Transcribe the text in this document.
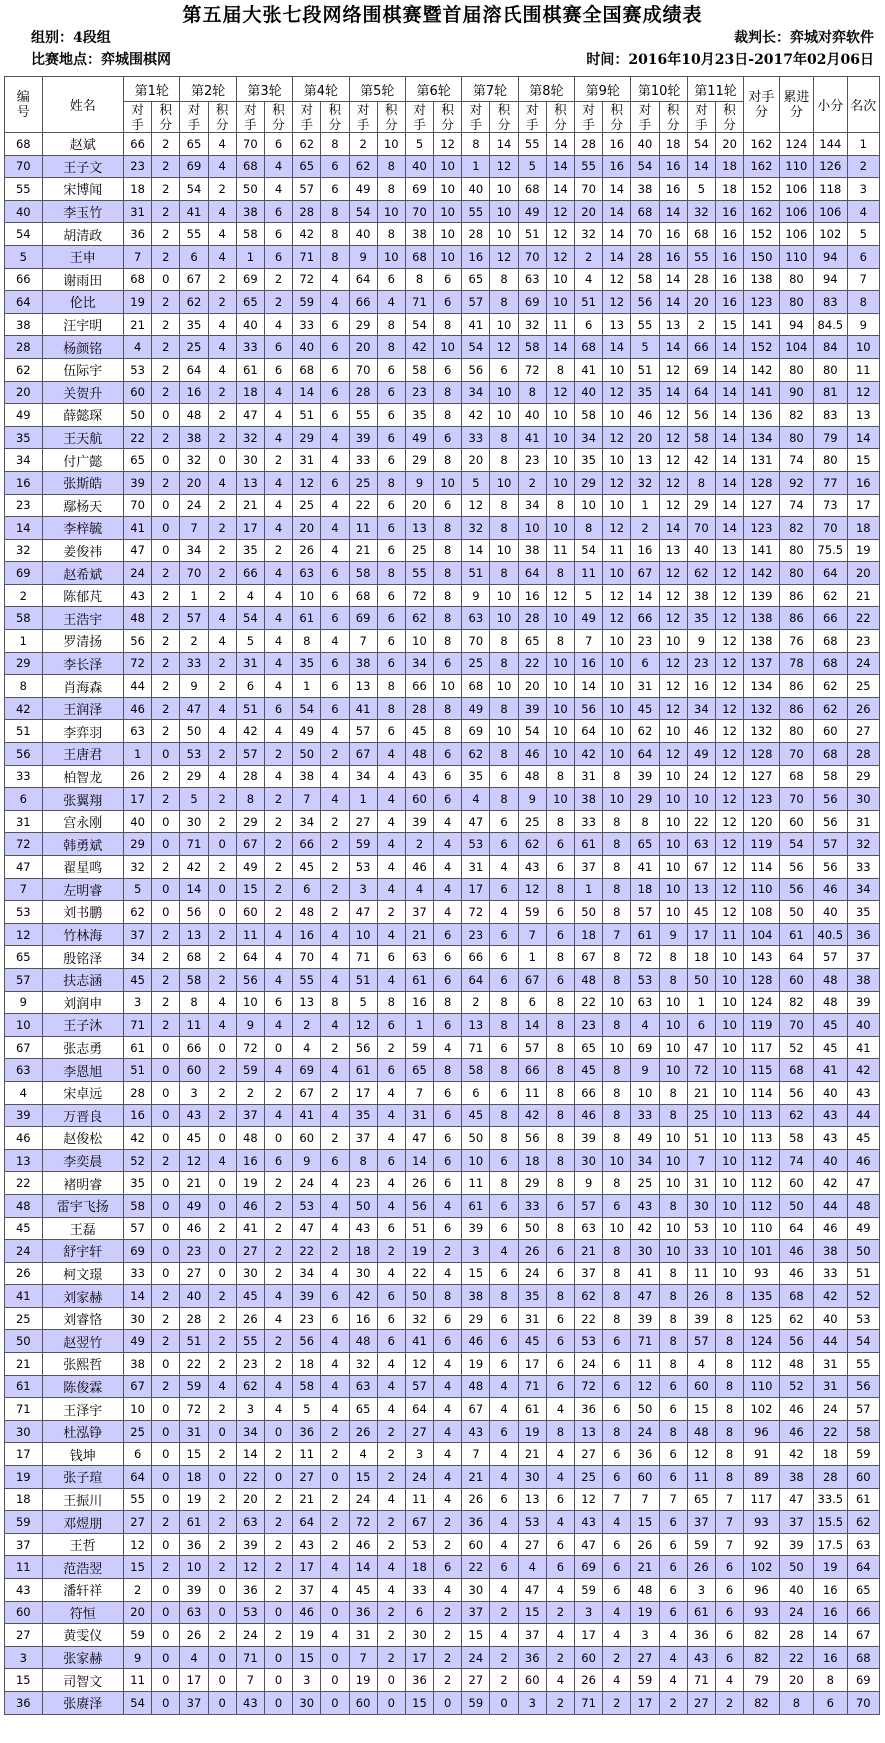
第五届大张七段网络围棋赛暨首届溶氏围棋赛全国赛成绩表
组别：4段组
比赛地点：弈城围棋网
裁判长：弈城对弈软件
时间：2016年10月23日-2017年02月06日
编号	姓名	第1轮		第2轮		第3轮		第4轮		第5轮		第6轮		第7轮		第8轮		第9轮		第10轮		第11轮		对手分	累进分	小分	名次
		对手	积分	对手	积分	对手	积分	对手	积分	对手	积分	对手	积分	对手	积分	对手	积分	对手	积分	对手	积分	对手	积分				
68	赵斌	66	2	65	4	70	6	62	8	2	10	5	12	8	14	55	14	28	16	40	18	54	20	162	124	144	1
70	王子文	23	2	69	4	68	4	65	6	62	8	40	10	1	12	5	14	55	16	54	16	14	18	162	110	126	2
55	宋博闻	18	2	54	2	50	4	57	6	49	8	69	10	40	10	68	14	70	14	38	16	5	18	152	106	118	3
40	李玉竹	31	2	41	4	38	6	28	8	54	10	70	10	55	10	49	12	20	14	68	14	32	16	162	106	106	4
54	胡清政	36	2	55	4	58	6	42	8	40	8	38	10	28	10	51	12	32	14	70	16	68	16	152	106	102	5
5	王申	7	2	6	4	1	6	71	8	9	10	68	10	16	12	70	12	2	14	28	16	55	16	150	110	94	6
66	谢雨田	68	0	67	2	69	2	72	4	64	6	8	6	65	8	63	10	4	12	58	14	28	16	138	80	94	7
64	伦比	19	2	62	2	65	2	59	4	66	4	71	6	57	8	69	10	51	12	56	14	20	16	123	80	83	8
38	汪宇明	21	2	35	4	40	4	33	6	29	8	54	8	41	10	32	11	6	13	55	13	2	15	141	94	84.5	9
28	杨颜铭	4	2	25	4	33	6	40	6	20	8	42	10	54	12	58	14	68	14	5	14	66	14	152	104	84	10
62	伍际宇	53	2	64	4	61	6	68	6	70	6	58	6	56	6	72	8	41	10	51	12	69	14	142	80	80	11
20	关贺升	60	2	16	2	18	4	14	6	28	6	23	8	34	10	8	12	40	12	35	14	64	14	141	90	81	12
49	薛懿琛	50	0	48	2	47	4	51	6	55	6	35	8	42	10	40	10	58	10	46	12	56	14	136	82	83	13
35	王天航	22	2	38	2	32	4	29	4	39	6	49	6	33	8	41	10	34	12	20	12	58	14	134	80	79	14
34	付广懿	65	0	32	0	30	2	31	4	33	6	29	8	20	8	23	10	35	10	13	12	42	14	131	74	80	15
16	张斯皓	39	2	20	4	13	4	12	6	25	8	9	10	5	10	2	10	29	12	32	12	8	14	128	92	77	16
23	鄢杨天	70	0	24	2	21	4	25	4	22	6	20	6	12	8	34	8	10	10	1	12	29	14	127	74	73	17
14	李梓毓	41	0	7	2	17	4	20	4	11	6	13	8	32	8	10	10	8	12	2	14	70	14	123	82	70	18
32	姜俊祎	47	0	34	2	35	2	26	4	21	6	25	8	14	10	38	11	54	11	16	13	40	13	141	80	75.5	19
69	赵希斌	24	2	70	2	66	4	63	6	58	8	55	8	51	8	64	8	11	10	67	12	62	12	142	80	64	20
2	陈郁芃	43	2	1	2	4	4	10	6	68	6	72	8	9	10	16	12	5	12	14	12	38	12	139	86	62	21
58	王浩宇	48	2	57	4	54	4	61	6	69	6	62	8	63	10	28	10	49	12	66	12	35	12	138	86	66	22
1	罗清扬	56	2	2	4	5	4	8	4	7	6	10	8	70	8	65	8	7	10	23	10	9	12	138	76	68	23
29	李长泽	72	2	33	2	31	4	35	6	38	6	34	6	25	8	22	10	16	10	6	12	23	12	137	78	68	24
8	肖海森	44	2	9	2	6	4	1	6	13	8	66	10	68	10	20	10	14	10	31	12	16	12	134	86	62	25
42	王润泽	46	2	47	4	51	6	54	6	41	8	28	8	49	8	39	10	56	10	45	12	34	12	132	86	62	26
51	李弈羽	63	2	50	4	42	4	49	4	57	6	45	8	69	10	54	10	64	10	62	10	46	12	132	80	60	27
56	王唐君	1	0	53	2	57	2	50	2	67	4	48	6	62	8	46	10	42	10	64	12	49	12	128	70	68	28
33	柏智龙	26	2	29	4	28	4	38	4	34	4	43	6	35	6	48	8	31	8	39	10	24	12	127	68	58	29
6	张翼翔	17	2	5	2	8	2	7	4	1	4	60	6	4	8	9	10	38	10	29	10	10	12	123	70	56	30
31	宫永刚	40	0	30	2	29	2	34	2	27	4	39	4	47	6	25	8	33	8	8	10	22	12	120	60	56	31
72	韩勇斌	29	0	71	0	67	2	66	2	59	4	2	4	53	6	62	6	61	8	65	10	63	12	119	54	57	32
47	翟星鸣	32	2	42	2	49	2	45	2	53	4	46	4	31	4	43	6	37	8	41	10	67	12	114	56	56	33
7	左明睿	5	0	14	0	15	2	6	2	3	4	4	4	17	6	12	8	1	8	18	10	13	12	110	56	46	34
53	刘书鹏	62	0	56	0	60	2	48	2	47	2	37	4	72	4	59	6	50	8	57	10	45	12	108	50	40	35
12	竹林海	37	2	13	2	11	4	16	4	10	4	21	6	23	6	7	6	18	7	61	9	17	11	104	61	40.5	36
65	殷铭泽	34	2	68	2	64	4	70	4	71	6	63	6	66	6	1	8	67	8	72	8	18	10	143	64	57	37
57	扶志涵	45	2	58	2	56	4	55	4	51	4	61	6	64	6	67	6	48	8	53	8	50	10	128	60	48	38
9	刘润申	3	2	8	4	10	6	13	8	5	8	16	8	2	8	6	8	22	10	63	10	1	10	124	82	48	39
10	王子沐	71	2	11	4	9	4	2	4	12	6	1	6	13	8	14	8	23	8	4	10	6	10	119	70	45	40
67	张志勇	61	0	66	0	72	0	4	2	56	2	59	4	71	6	57	8	65	10	69	10	47	10	117	52	45	41
63	李恩旭	51	0	60	2	59	4	69	4	61	6	65	8	58	8	66	8	45	8	9	10	72	10	115	68	41	42
4	宋卓远	28	0	3	2	2	2	67	2	17	4	7	6	6	6	11	8	66	8	10	8	21	10	114	56	40	43
39	万晋良	16	0	43	2	37	4	41	4	35	4	31	6	45	8	42	8	46	8	33	8	25	10	113	62	43	44
46	赵俊松	42	0	45	0	48	0	60	2	37	4	47	6	50	8	56	8	39	8	49	10	51	10	113	58	43	45
13	李奕晨	52	2	12	4	16	6	9	6	8	6	14	6	10	6	18	8	30	10	34	10	7	10	112	74	40	46
22	褚明睿	35	0	21	0	19	2	24	4	23	4	26	6	11	8	29	8	9	8	25	10	31	10	112	60	42	47
48	雷宇飞扬	58	0	49	0	46	2	53	4	50	4	56	4	61	6	33	6	57	6	43	8	30	10	112	50	44	48
45	王磊	57	0	46	2	41	2	47	4	43	6	51	6	39	6	50	8	63	10	42	10	53	10	110	64	46	49
24	舒宇轩	69	0	23	0	27	2	22	2	18	2	19	2	3	4	26	6	21	8	30	10	33	10	101	46	38	50
26	柯文璟	33	0	27	0	30	2	34	4	30	4	22	4	15	6	24	6	37	8	41	8	11	10	93	46	33	51
41	刘家赫	14	2	40	2	45	4	39	6	42	6	50	8	38	8	35	8	62	8	47	8	26	8	135	68	42	52
25	刘睿恪	30	2	28	2	26	4	23	6	16	6	32	6	29	6	31	6	22	8	39	8	39	8	125	62	40	53
50	赵翌竹	49	2	51	2	55	2	56	4	48	6	41	6	46	6	45	6	53	6	71	8	57	8	124	56	44	54
21	张熙哲	38	0	22	2	23	2	18	4	32	4	12	4	19	6	17	6	24	6	11	8	4	8	112	48	31	55
61	陈俊霖	67	2	59	4	62	4	58	4	63	4	57	4	48	4	71	6	72	6	12	6	60	8	110	52	31	56
71	王泽宇	10	0	72	2	3	4	5	4	65	4	64	4	67	4	61	4	36	6	50	6	15	8	102	46	24	57
30	杜泓铮	25	0	31	0	34	0	36	2	26	2	27	4	43	6	19	8	13	8	24	8	48	8	96	46	22	58
17	钱坤	6	0	15	2	14	2	11	2	4	2	3	4	7	4	21	4	27	6	36	6	12	8	91	42	18	59
19	张子瑄	64	0	18	0	22	0	27	0	15	2	24	4	21	4	30	4	25	6	60	6	11	8	89	38	28	60
18	王振川	55	0	19	2	20	2	21	2	24	4	11	4	26	6	13	6	12	7	7	7	65	7	117	47	33.5	61
59	邓煜朋	27	2	61	2	63	2	64	2	72	2	67	2	36	4	53	4	43	4	15	6	37	7	93	37	15.5	62
37	王哲	12	0	36	2	39	2	43	2	46	2	53	2	60	4	27	6	47	6	26	6	59	7	92	39	17.5	63
11	范浩翌	15	2	10	2	12	2	17	4	14	4	18	6	22	6	4	6	69	6	21	6	26	6	102	50	19	64
43	潘轩祥	2	0	39	0	36	2	37	4	45	4	33	4	30	4	47	4	59	6	48	6	3	6	96	40	16	65
60	符恒	20	0	63	0	53	0	46	0	36	2	6	2	37	2	15	2	3	4	19	6	61	6	93	24	16	66
27	黄雯仪	59	0	26	2	24	2	19	4	31	2	30	2	15	4	37	4	17	4	3	4	36	6	82	28	14	67
3	张家赫	9	0	4	0	71	0	15	0	7	2	17	2	24	2	36	2	60	2	27	4	43	6	82	22	16	68
15	司智文	11	0	17	0	7	0	3	0	19	0	36	2	27	2	60	4	26	4	59	4	71	4	79	20	8	69
36	张赓泽	54	0	37	0	43	0	30	0	60	0	15	0	59	0	3	2	71	2	17	2	27	2	82	8	6	70
